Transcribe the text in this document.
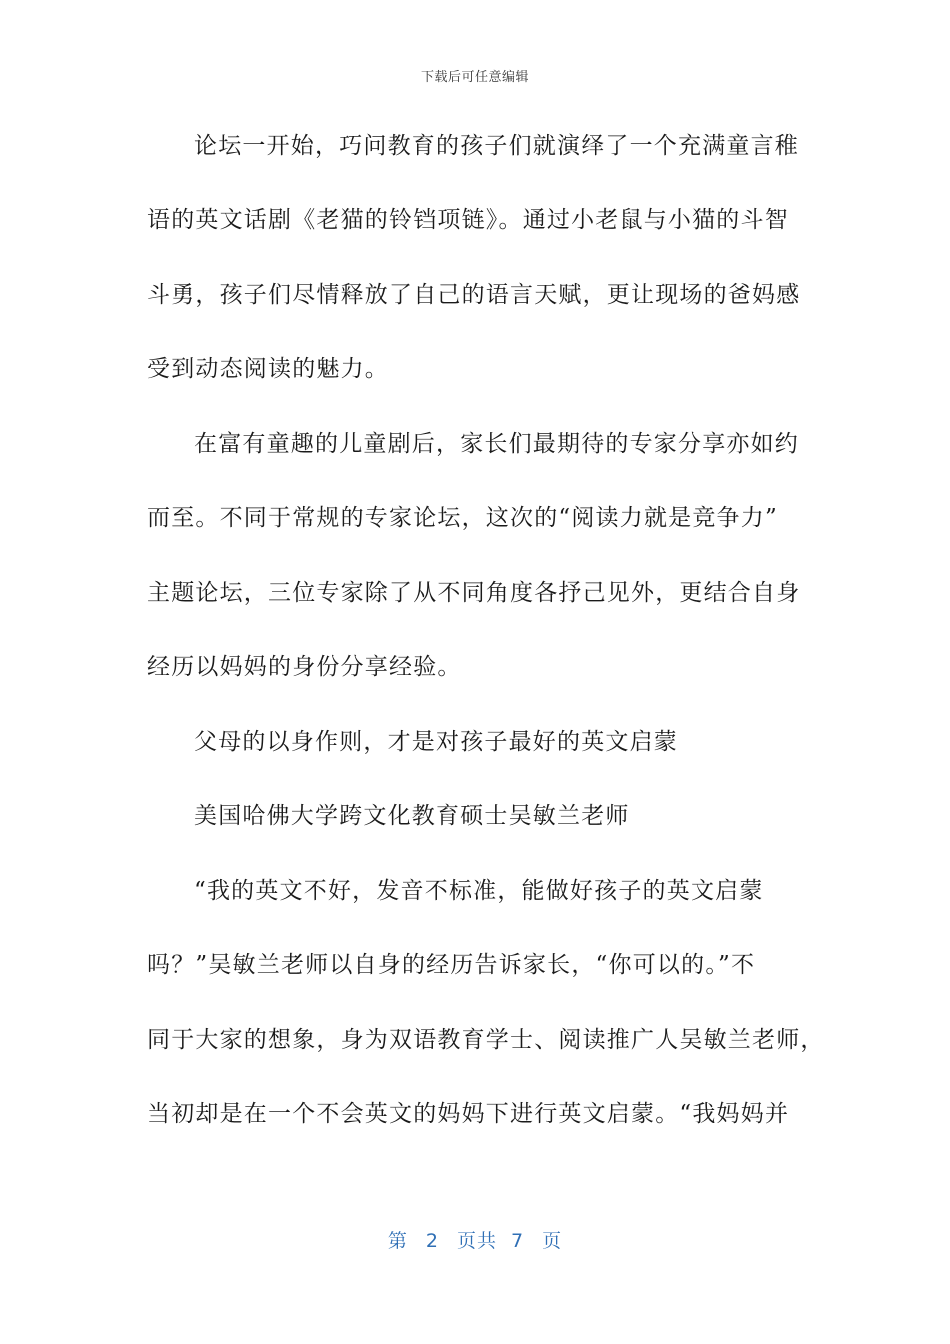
下载后可任意编辑
论坛一开始，巧问教育的孩子们就演绎了一个充满童言稚
语的英文话剧《老猫的铃铛项链》。通过小老鼠与小猫的斗智
斗勇，孩子们尽情释放了自己的语言天赋，更让现场的爸妈感
受到动态阅读的魅力。
在富有童趣的儿童剧后，家长们最期待的专家分享亦如约
而至。不同于常规的专家论坛，这次的“阅读力就是竞争力”
主题论坛，三位专家除了从不同角度各抒己见外，更结合自身
经历以妈妈的身份分享经验。
父母的以身作则，才是对孩子最好的英文启蒙
美国哈佛大学跨文化教育硕士吴敏兰老师
“我的英文不好，发音不标准，能做好孩子的英文启蒙
吗？”吴敏兰老师以自身的经历告诉家长，“你可以的。”不
同于大家的想象，身为双语教育学士、阅读推广人吴敏兰老师，
当初却是在一个不会英文的妈妈下进行英文启蒙。“我妈妈并
第 2 页共 7 页
